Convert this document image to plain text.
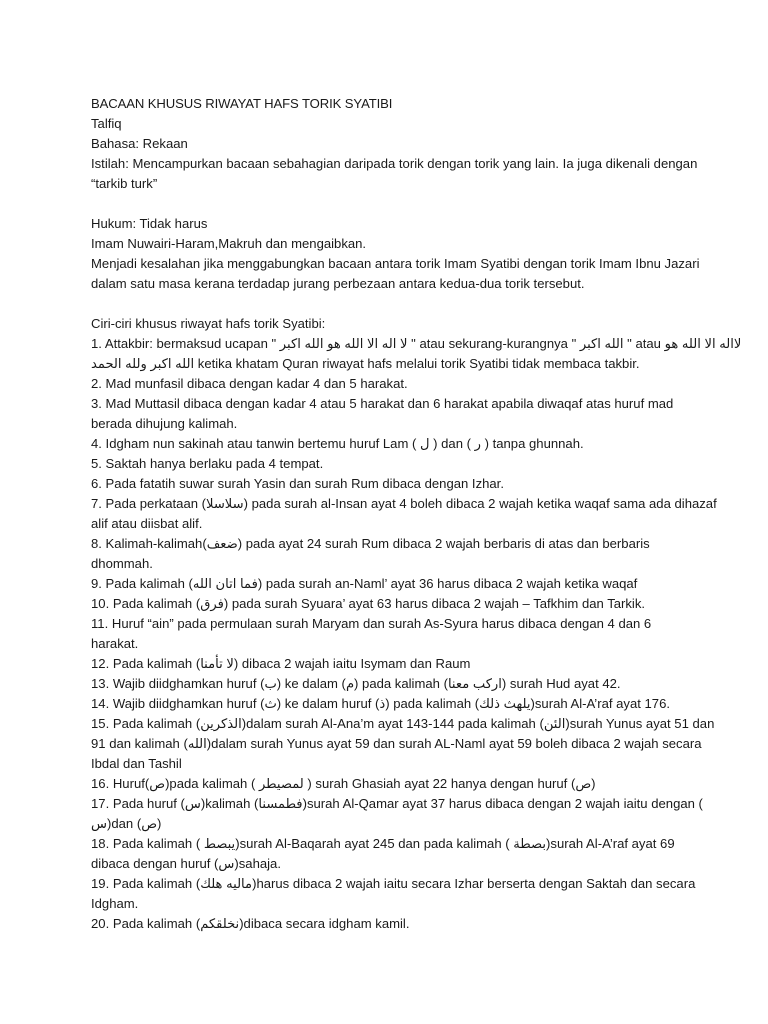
BACAAN KHUSUS RIWAYAT HAFS TORIK SYATIBI
Talfiq
Bahasa: Rekaan
Istilah: Mencampurkan bacaan sebahagian daripada torik dengan torik yang lain. Ia juga dikenali dengan
“tarkib turk”
Hukum: Tidak harus
Imam Nuwairi-Haram,Makruh dan mengaibkan.
Menjadi kesalahan jika menggabungkan bacaan antara torik Imam Syatibi dengan torik Imam Ibnu Jazari
dalam satu masa kerana terdadap jurang perbezaan antara kedua-dua torik tersebut.
Ciri-ciri khusus riwayat hafs torik Syatibi:
1. Attakbir: bermaksud ucapan " لا اله الا الله هو الله اكبر " atau sekurang-kurangnya " الله اكبر " atau لااله الا الله هو
الله اكبر ولله الحمد ketika khatam Quran riwayat hafs melalui torik Syatibi tidak membaca takbir.
2. Mad munfasil dibaca dengan kadar 4 dan 5 harakat.
3. Mad Muttasil dibaca dengan kadar 4 atau 5 harakat dan 6 harakat apabila diwaqaf atas huruf mad
berada dihujung kalimah.
4. Idgham nun sakinah atau tanwin bertemu huruf Lam ( ل ) dan ( ر ) tanpa ghunnah.
5. Saktah hanya berlaku pada 4 tempat.
6. Pada fatatih suwar surah Yasin dan surah Rum dibaca dengan Izhar.
7. Pada perkataan (سلاسلا) pada surah al-Insan ayat 4 boleh dibaca 2 wajah ketika waqaf sama ada dihazaf
alif atau diisbat alif.
8. Kalimah-kalimah(ضعف) pada ayat 24 surah Rum dibaca 2 wajah berbaris di atas dan berbaris
dhommah.
9. Pada kalimah (فما اتان الله) pada surah an-Naml’ ayat 36 harus dibaca 2 wajah ketika waqaf
10. Pada kalimah (فرق) pada surah Syuara’ ayat 63 harus dibaca 2 wajah – Tafkhim dan Tarkik.
11. Huruf “ain” pada permulaan surah Maryam dan surah As-Syura harus dibaca dengan 4 dan 6
harakat.
12. Pada kalimah (لا تأمنا) dibaca 2 wajah iaitu Isymam dan Raum
13. Wajib diidghamkan huruf (ب) ke dalam (م) pada kalimah (اركب معنا) surah Hud ayat 42.
14. Wajib diidghamkan huruf (ث) ke dalam huruf (ذ) pada kalimah (يلهث ذلك)surah Al-A’raf ayat 176.
15. Pada kalimah (الذكرين)dalam surah Al-Ana’m ayat 143-144 pada kalimah (الئن)surah Yunus ayat 51 dan
91 dan kalimah (الله)dalam surah Yunus ayat 59 dan surah AL-Naml ayat 59 boleh dibaca 2 wajah secara
Ibdal dan Tashil
16. Huruf(ص)pada kalimah ( لمصيطر ) surah Ghasiah ayat 22 hanya dengan huruf (ص)
17. Pada huruf (س)kalimah (فطمسنا)surah Al-Qamar ayat 37 harus dibaca dengan 2 wajah iaitu dengan (
س)dan (ص)
18. Pada kalimah ( يبصط)surah Al-Baqarah ayat 245 dan pada kalimah ( بصطة)surah Al-A’raf ayat 69
dibaca dengan huruf (س)sahaja.
19. Pada kalimah (ماليه هلك)harus dibaca 2 wajah iaitu secara Izhar berserta dengan Saktah dan secara
Idgham.
20. Pada kalimah (نخلقكم)dibaca secara idgham kamil.
